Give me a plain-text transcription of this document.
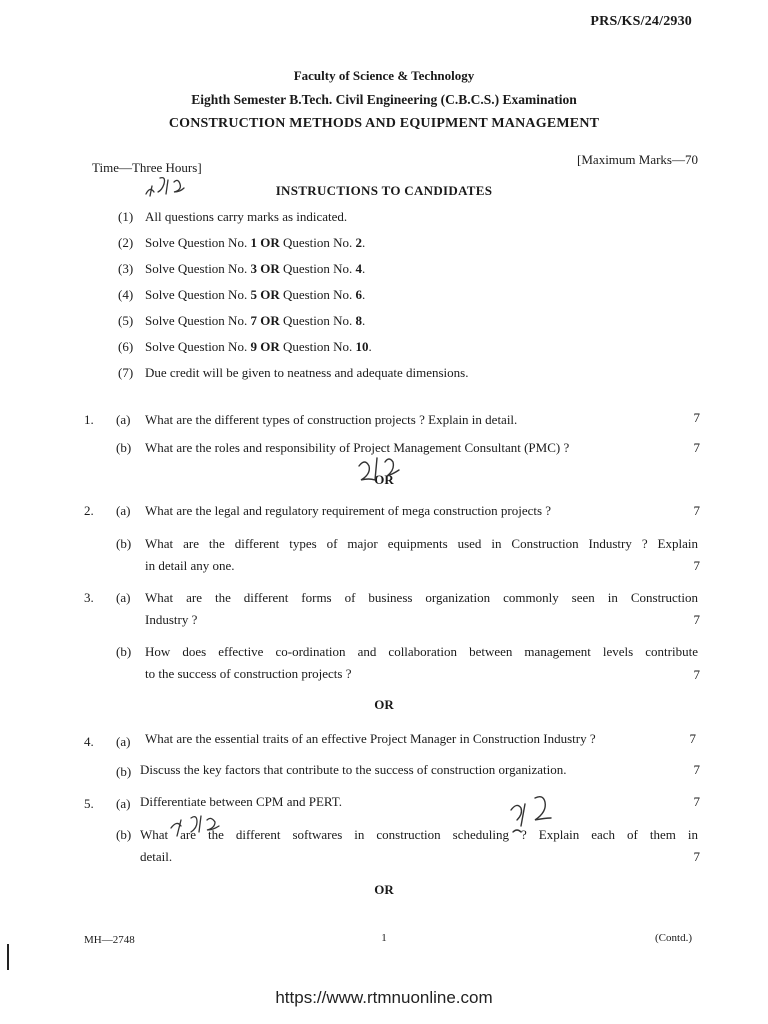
PRS/KS/24/2930
Faculty of Science & Technology
Eighth Semester B.Tech. Civil Engineering (C.B.C.S.) Examination
CONSTRUCTION METHODS AND EQUIPMENT MANAGEMENT
Time—Three Hours]
[Maximum Marks—70
INSTRUCTIONS TO CANDIDATES
(1) All questions carry marks as indicated.
(2) Solve Question No. 1 OR Question No. 2.
(3) Solve Question No. 3 OR Question No. 4.
(4) Solve Question No. 5 OR Question No. 6.
(5) Solve Question No. 7 OR Question No. 8.
(6) Solve Question No. 9 OR Question No. 10.
(7) Due credit will be given to neatness and adequate dimensions.
1. (a) What are the different types of construction projects ? Explain in detail.	7
(b) What are the roles and responsibility of Project Management Consultant (PMC) ?	7
OR
2. (a) What are the legal and regulatory requirement of mega construction projects ?	7
(b) What are the different types of major equipments used in Construction Industry ? Explain
in detail any one.	7
3. (a) What are the different forms of business organization commonly seen in Construction
Industry ?	7
(b) How does effective co-ordination and collaboration between management levels contribute
to the success of construction projects ?	7
OR
4. (a) What are the essential traits of an effective Project Manager in Construction Industry ?	7
(b) Discuss the key factors that contribute to the success of construction organization.	7
5. (a) Differentiate between CPM and PERT.	7
(b) What are the different softwares in construction scheduling ? Explain each of them in
detail.	7
OR
MH—2748	1	(Contd.)
https://www.rtmnuonline.com
